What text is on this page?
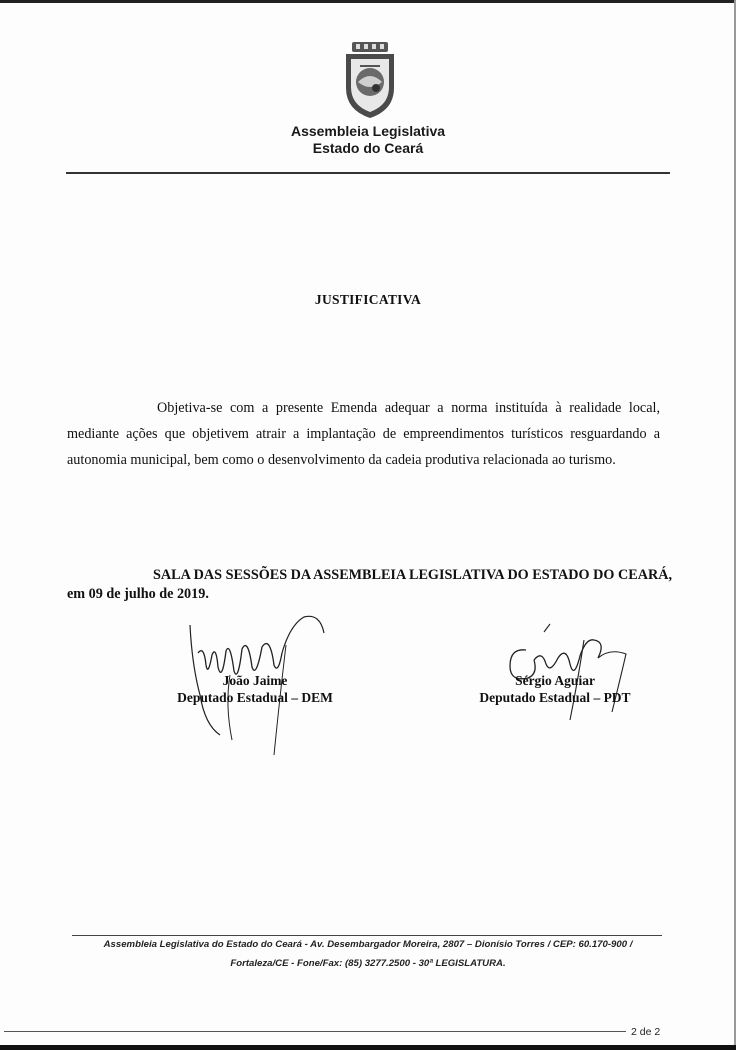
Assembleia Legislativa
Estado do Ceará
JUSTIFICATIVA
Objetiva-se com a presente Emenda adequar a norma instituída à realidade local, mediante ações que objetivem atrair a implantação de empreendimentos turísticos resguardando a autonomia municipal, bem como o desenvolvimento da cadeia produtiva relacionada ao turismo.
SALA DAS SESSÕES DA ASSEMBLEIA LEGISLATIVA DO ESTADO DO CEARÁ, em 09 de julho de 2019.
João Jaime
Deputado Estadual – DEM
Sérgio Aguiar
Deputado Estadual – PDT
Assembleia Legislativa do Estado do Ceará - Av. Desembargador Moreira, 2807 – Dionísio Torres / CEP: 60.170-900 /
Fortaleza/CE - Fone/Fax: (85) 3277.2500 - 30ª LEGISLATURA.
2 de 2
